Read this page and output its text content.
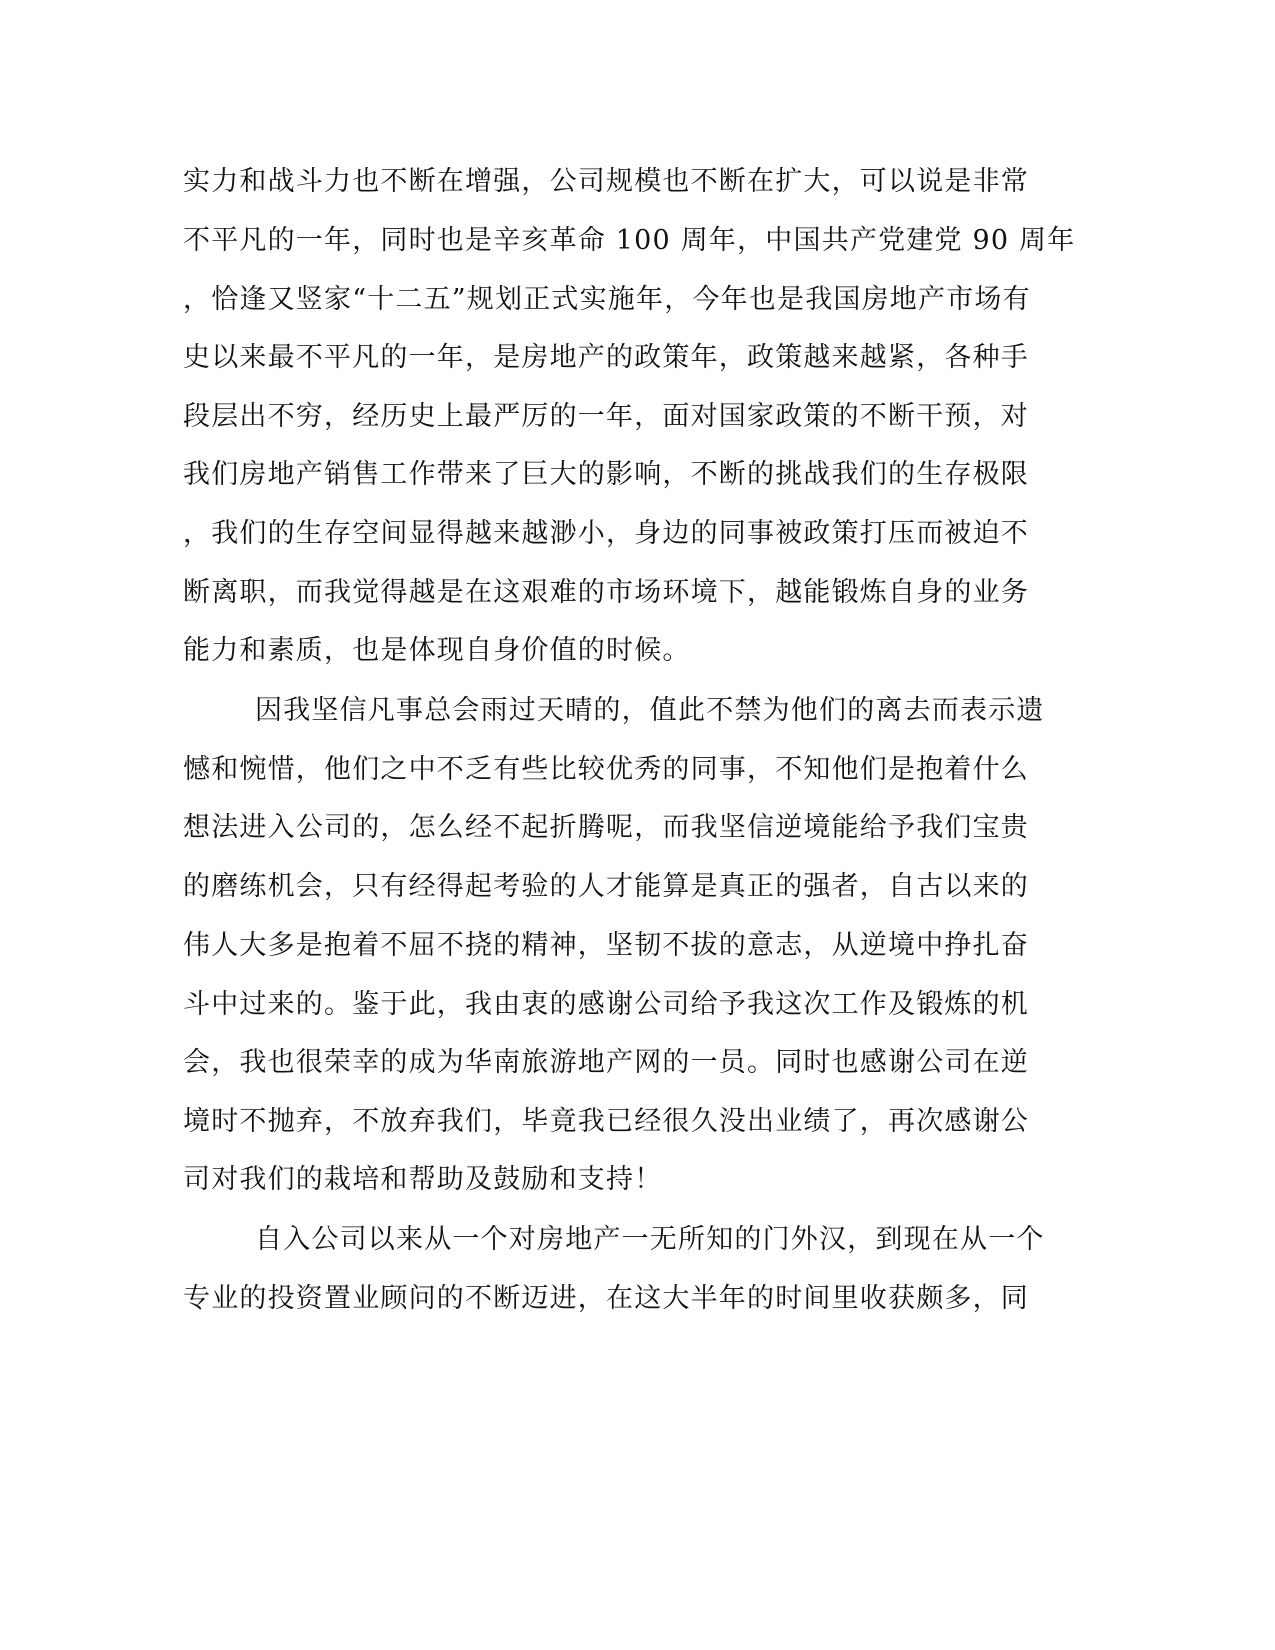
实力和战斗力也不断在增强，公司规模也不断在扩大，可以说是非常
不平凡的一年，同时也是辛亥革命 100 周年，中国共产党建党 90 周年
，恰逢又竖家“十二五”规划正式实施年，今年也是我国房地产市场有
史以来最不平凡的一年，是房地产的政策年，政策越来越紧，各种手
段层出不穷，经历史上最严厉的一年，面对国家政策的不断干预，对
我们房地产销售工作带来了巨大的影响，不断的挑战我们的生存极限
，我们的生存空间显得越来越渺小，身边的同事被政策打压而被迫不
断离职，而我觉得越是在这艰难的市场环境下，越能锻炼自身的业务
能力和素质，也是体现自身价值的时候。
因我坚信凡事总会雨过天晴的，值此不禁为他们的离去而表示遗
憾和惋惜，他们之中不乏有些比较优秀的同事，不知他们是抱着什么
想法进入公司的，怎么经不起折腾呢，而我坚信逆境能给予我们宝贵
的磨练机会，只有经得起考验的人才能算是真正的强者，自古以来的
伟人大多是抱着不屈不挠的精神，坚韧不拔的意志，从逆境中挣扎奋
斗中过来的。鉴于此，我由衷的感谢公司给予我这次工作及锻炼的机
会，我也很荣幸的成为华南旅游地产网的一员。同时也感谢公司在逆
境时不抛弃，不放弃我们，毕竟我已经很久没出业绩了，再次感谢公
司对我们的栽培和帮助及鼓励和支持！
自入公司以来从一个对房地产一无所知的门外汉，到现在从一个
专业的投资置业顾问的不断迈进，在这大半年的时间里收获颇多，同
